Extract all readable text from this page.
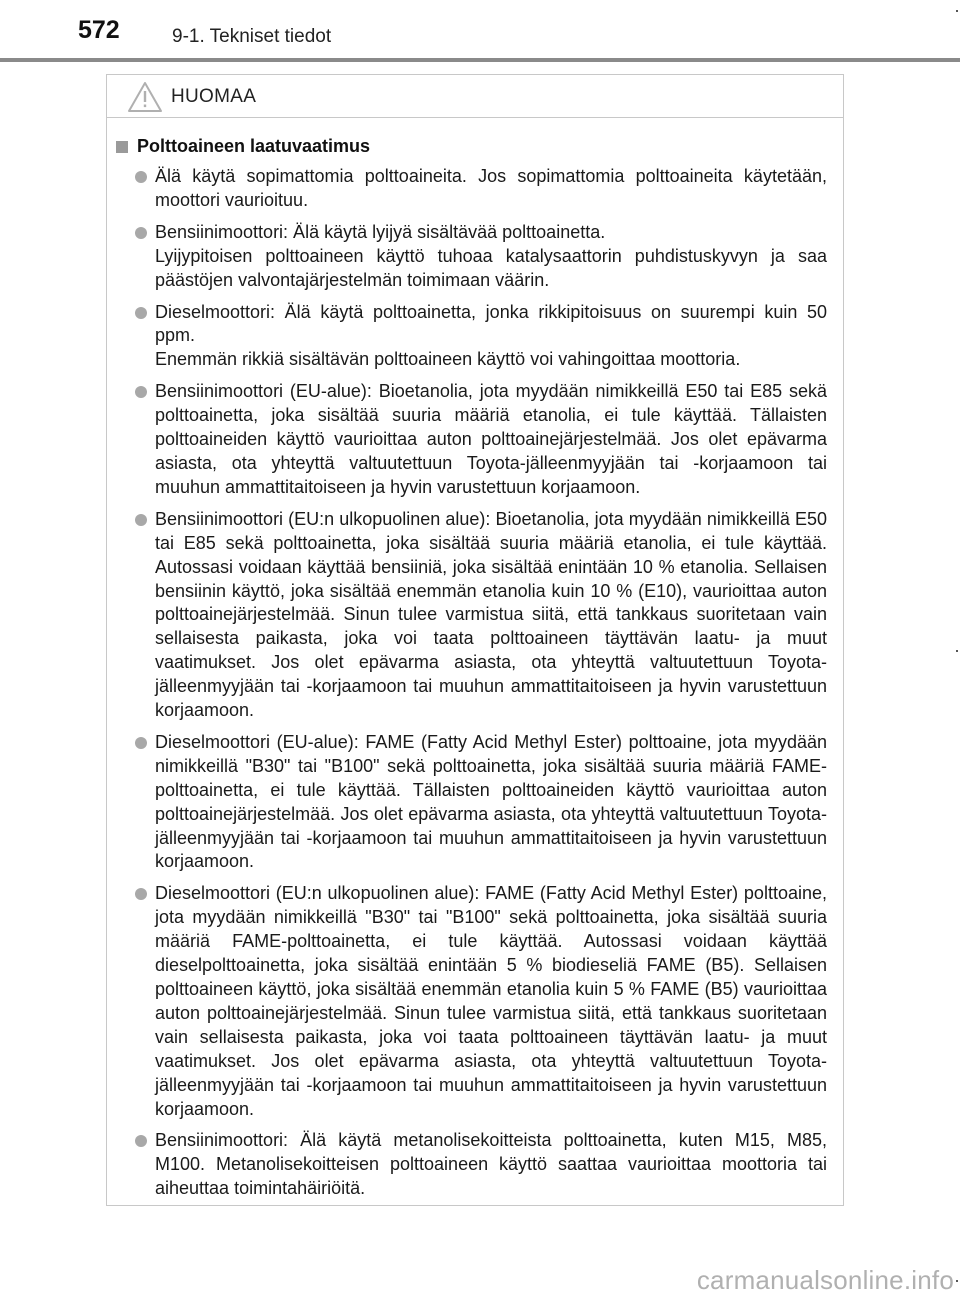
572	9-1. Tekniset tiedot
HUOMAA
Polttoaineen laatuvaatimus

Älä käytä sopimattomia polttoaineita. Jos sopimattomia polttoaineita käytetään, moottori vaurioituu.

Bensiinimoottori: Älä käytä lyijyä sisältävää polttoainetta.

Lyijypitoisen polttoaineen käyttö tuhoaa katalysaattorin puhdistuskyvyn ja saa päästöjen valvontajärjestelmän toimimaan väärin.

Dieselmoottori: Älä käytä polttoainetta, jonka rikkipitoisuus on suurempi kuin 50 ppm.

Enemmän rikkiä sisältävän polttoaineen käyttö voi vahingoittaa moottoria.

Bensiinimoottori (EU-alue): Bioetanolia, jota myydään nimikkeillä E50 tai E85 sekä polttoainetta, joka sisältää suuria määriä etanolia, ei tule käyttää. Tällaisten polttoaineiden käyttö vaurioittaa auton polttoainejärjestelmää. Jos olet epävarma asiasta, ota yhteyttä valtuutettuun Toyota-jälleenmyyjään tai -korjaamoon tai muuhun ammattitaitoiseen ja hyvin varustettuun korjaamoon.

Bensiinimoottori (EU:n ulkopuolinen alue): Bioetanolia, jota myydään nimikkeillä E50 tai E85 sekä polttoainetta, joka sisältää suuria määriä etanolia, ei tule käyttää. Autossasi voidaan käyttää bensiiniä, joka sisältää enintään 10 % etanolia. Sellaisen bensiinin käyttö, joka sisältää enemmän etanolia kuin 10 % (E10), vaurioittaa auton polttoainejärjestelmää. Sinun tulee varmistua siitä, että tankkaus suoritetaan vain sellaisesta paikasta, joka voi taata polttoaineen täyttävän laatu- ja muut vaatimukset. Jos olet epävarma asiasta, ota yhteyttä valtuutettuun Toyota-jälleenmyyjään tai -korjaamoon tai muuhun ammattitaitoiseen ja hyvin varustettuun korjaamoon.

Dieselmoottori (EU-alue): FAME (Fatty Acid Methyl Ester) polttoaine, jota myydään nimikkeillä "B30" tai "B100" sekä polttoainetta, joka sisältää suuria määriä FAME-polttoainetta, ei tule käyttää. Tällaisten polttoaineiden käyttö vaurioittaa auton polttoainejärjestelmää. Jos olet epävarma asiasta, ota yhteyttä valtuutettuun Toyota-jälleenmyyjään tai -korjaamoon tai muuhun ammattitaitoiseen ja hyvin varustettuun korjaamoon.

Dieselmoottori (EU:n ulkopuolinen alue): FAME (Fatty Acid Methyl Ester) polttoaine, jota myydään nimikkeillä "B30" tai "B100" sekä polttoainetta, joka sisältää suuria määriä FAME-polttoainetta, ei tule käyttää. Autossasi voidaan käyttää dieselpolttoainetta, joka sisältää enintään 5 % biodieseliä FAME (B5). Sellaisen polttoaineen käyttö, joka sisältää enemmän etanolia kuin 5 % FAME (B5) vaurioittaa auton polttoainejärjestelmää. Sinun tulee varmistua siitä, että tankkaus suoritetaan vain sellaisesta paikasta, joka voi taata polttoaineen täyttävän laatu- ja muut vaatimukset. Jos olet epävarma asiasta, ota yhteyttä valtuutettuun Toyota-jälleenmyyjään tai -korjaamoon tai muuhun ammattitaitoiseen ja hyvin varustettuun korjaamoon.

Bensiinimoottori: Älä käytä metanolisekoitteista polttoainetta, kuten M15, M85, M100. Metanolisekoitteisen polttoaineen käyttö saattaa vaurioittaa moottoria tai aiheuttaa toimintahäiriöitä.

carmanualsonline.info
